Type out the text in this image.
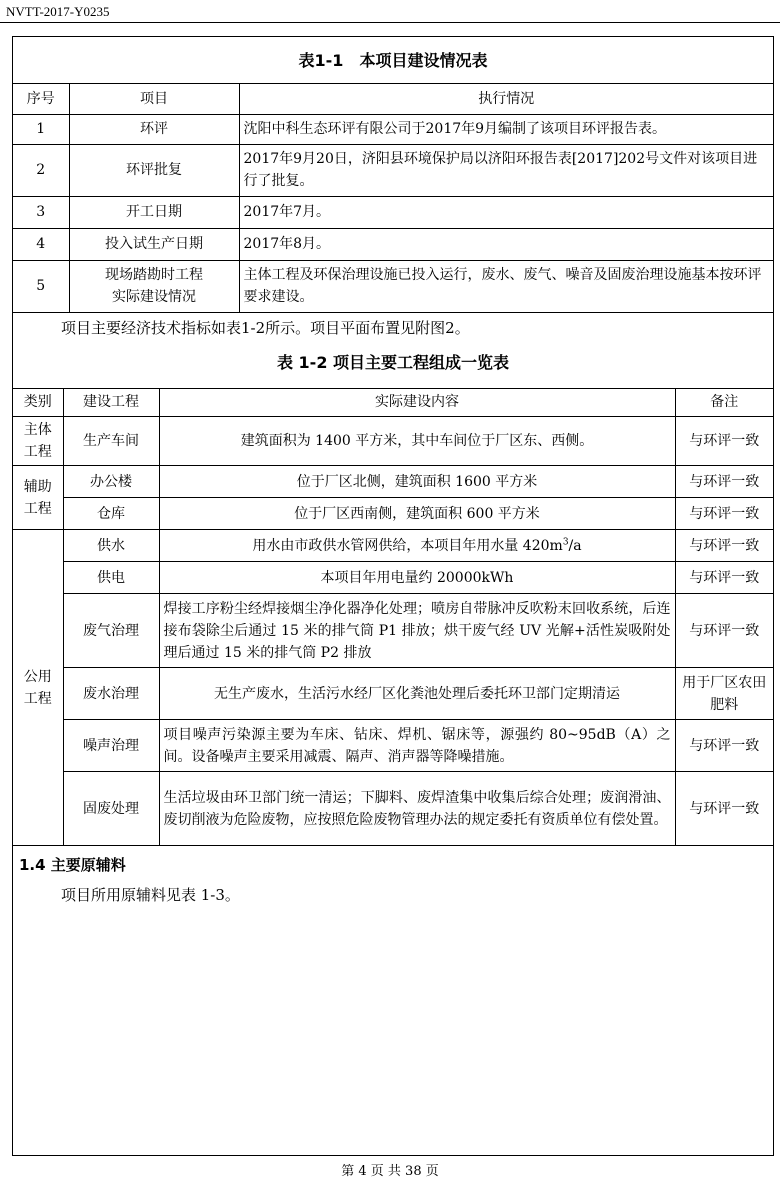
NVTT-2017-Y0235
表1-1　本项目建设情况表
序号	项目	执行情况
1	环评	沈阳中科生态环评有限公司于2017年9月编制了该项目环评报告表。
2	环评批复	2017年9月20日，济阳县环境保护局以济阳环报告表[2017]202号文件对该项目进行了批复。
3	开工日期	2017年7月。
4	投入试生产日期	2017年8月。
5	现场踏勘时工程
实际建设情况	主体工程及环保治理设施已投入运行，废水、废气、噪音及固废治理设施基本按环评要求建设。
项目主要经济技术指标如表1-2所示。项目平面布置见附图2。
表 1-2 项目主要工程组成一览表
类别	建设工程	实际建设内容	备注

主体
工程	生产车间	建筑面积为 1400 平方米，其中车间位于厂区东、西侧。	与环评一致

辅助
工程	办公楼	位于厂区北侧，建筑面积 1600 平方米	与环评一致
	仓库	位于厂区西南侧，建筑面积 600 平方米	与环评一致

公用
工程	供水	用水由市政供水管网供给，本项目年用水量 $420m^3/a$	与环评一致
	供电	本项目年用电量约 20000kWh	与环评一致
	废气治理	焊接工序粉尘经焊接烟尘净化器净化处理；喷房自带脉冲反吹粉末回收系统，后连接布袋除尘后通过 15 米的排气筒 P1 排放；烘干废气经 UV 光解+活性炭吸附处理后通过 15 米的排气筒 P2 排放	与环评一致
	废水治理	无生产废水，生活污水经厂区化粪池处理后委托环卫部门定期清运	用于厂区农田肥料
	噪声治理	项目噪声污染源主要为车床、钻床、焊机、锯床等，源强约 80~95dB（A）之间。设备噪声主要采用减震、隔声、消声器等降噪措施。	与环评一致
	固废处理	生活垃圾由环卫部门统一清运；下脚料、废焊渣集中收集后综合处理；废润滑油、废切削液为危险废物，应按照危险废物管理办法的规定委托有资质单位有偿处置。	与环评一致
1.4 主要原辅料
项目所用原辅料见表 1-3。
第 4 页 共 38 页
